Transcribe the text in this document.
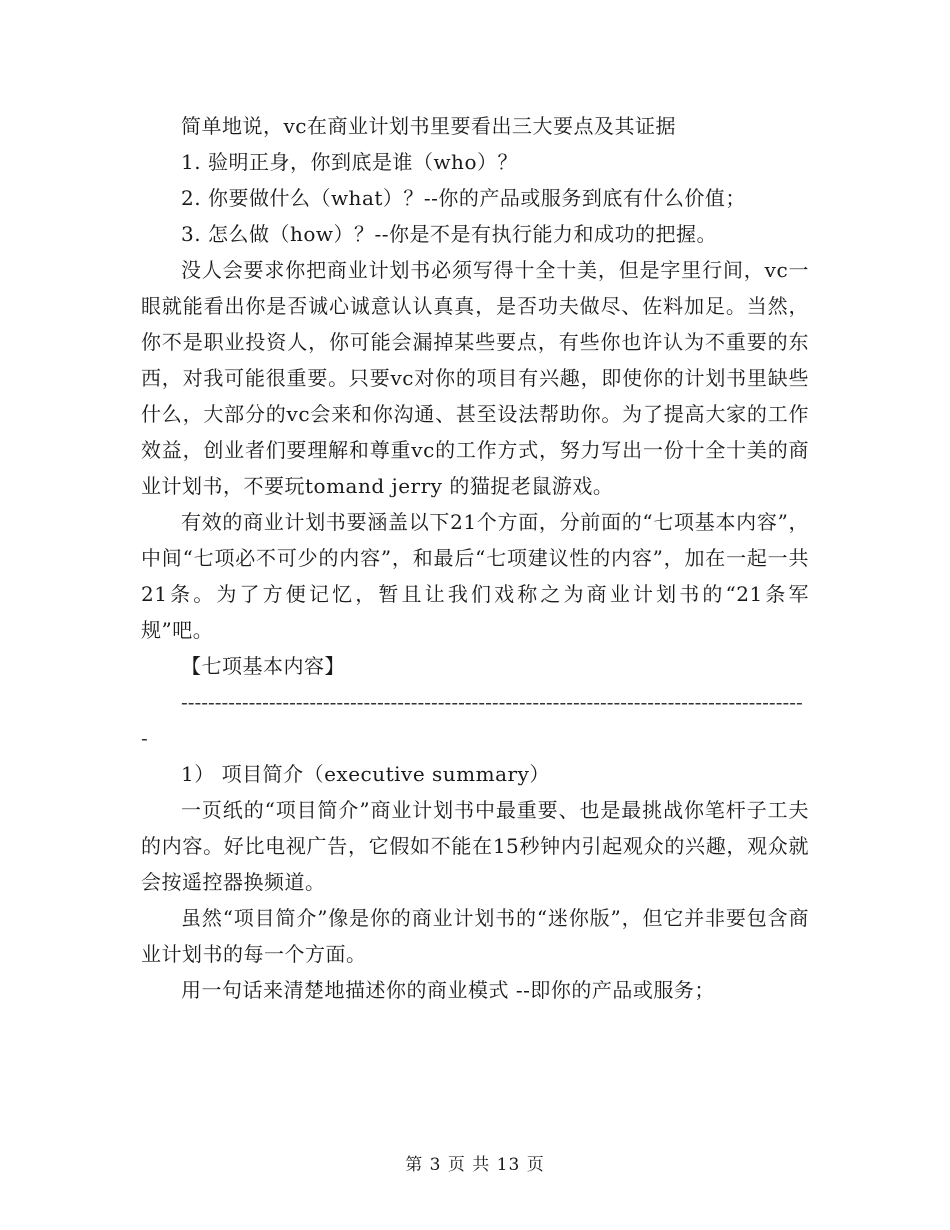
简单地说，vc在商业计划书里要看出三大要点及其证据

1. 验明正身，你到底是谁（who）？

2. 你要做什么（what）？--你的产品或服务到底有什么价值；

3. 怎么做（how）？--你是不是有执行能力和成功的把握。

没人会要求你把商业计划书必须写得十全十美，但是字里行间，vc一眼就能看出你是否诚心诚意认认真真，是否功夫做尽、佐料加足。当然，你不是职业投资人，你可能会漏掉某些要点，有些你也许认为不重要的东西，对我可能很重要。只要vc对你的项目有兴趣，即使你的计划书里缺些什么，大部分的vc会来和你沟通、甚至设法帮助你。为了提高大家的工作效益，创业者们要理解和尊重vc的工作方式，努力写出一份十全十美的商业计划书，不要玩tomand jerry 的猫捉老鼠游戏。

有效的商业计划书要涵盖以下21个方面，分前面的“七项基本内容”，中间“七项必不可少的内容”，和最后“七项建议性的内容”，加在一起一共21条。为了方便记忆，暂且让我们戏称之为商业计划书的“21条军规”吧。

【七项基本内容】

---------------------------------------------------------------------------------------------

1） 项目简介（executive summary）

一页纸的“项目简介”商业计划书中最重要、也是最挑战你笔杆子工夫的内容。好比电视广告，它假如不能在15秒钟内引起观众的兴趣，观众就会按遥控器换频道。

虽然“项目简介”像是你的商业计划书的“迷你版”，但它并非要包含商业计划书的每一个方面。

用一句话来清楚地描述你的商业模式 --即你的产品或服务；

第 3 页 共 13 页
